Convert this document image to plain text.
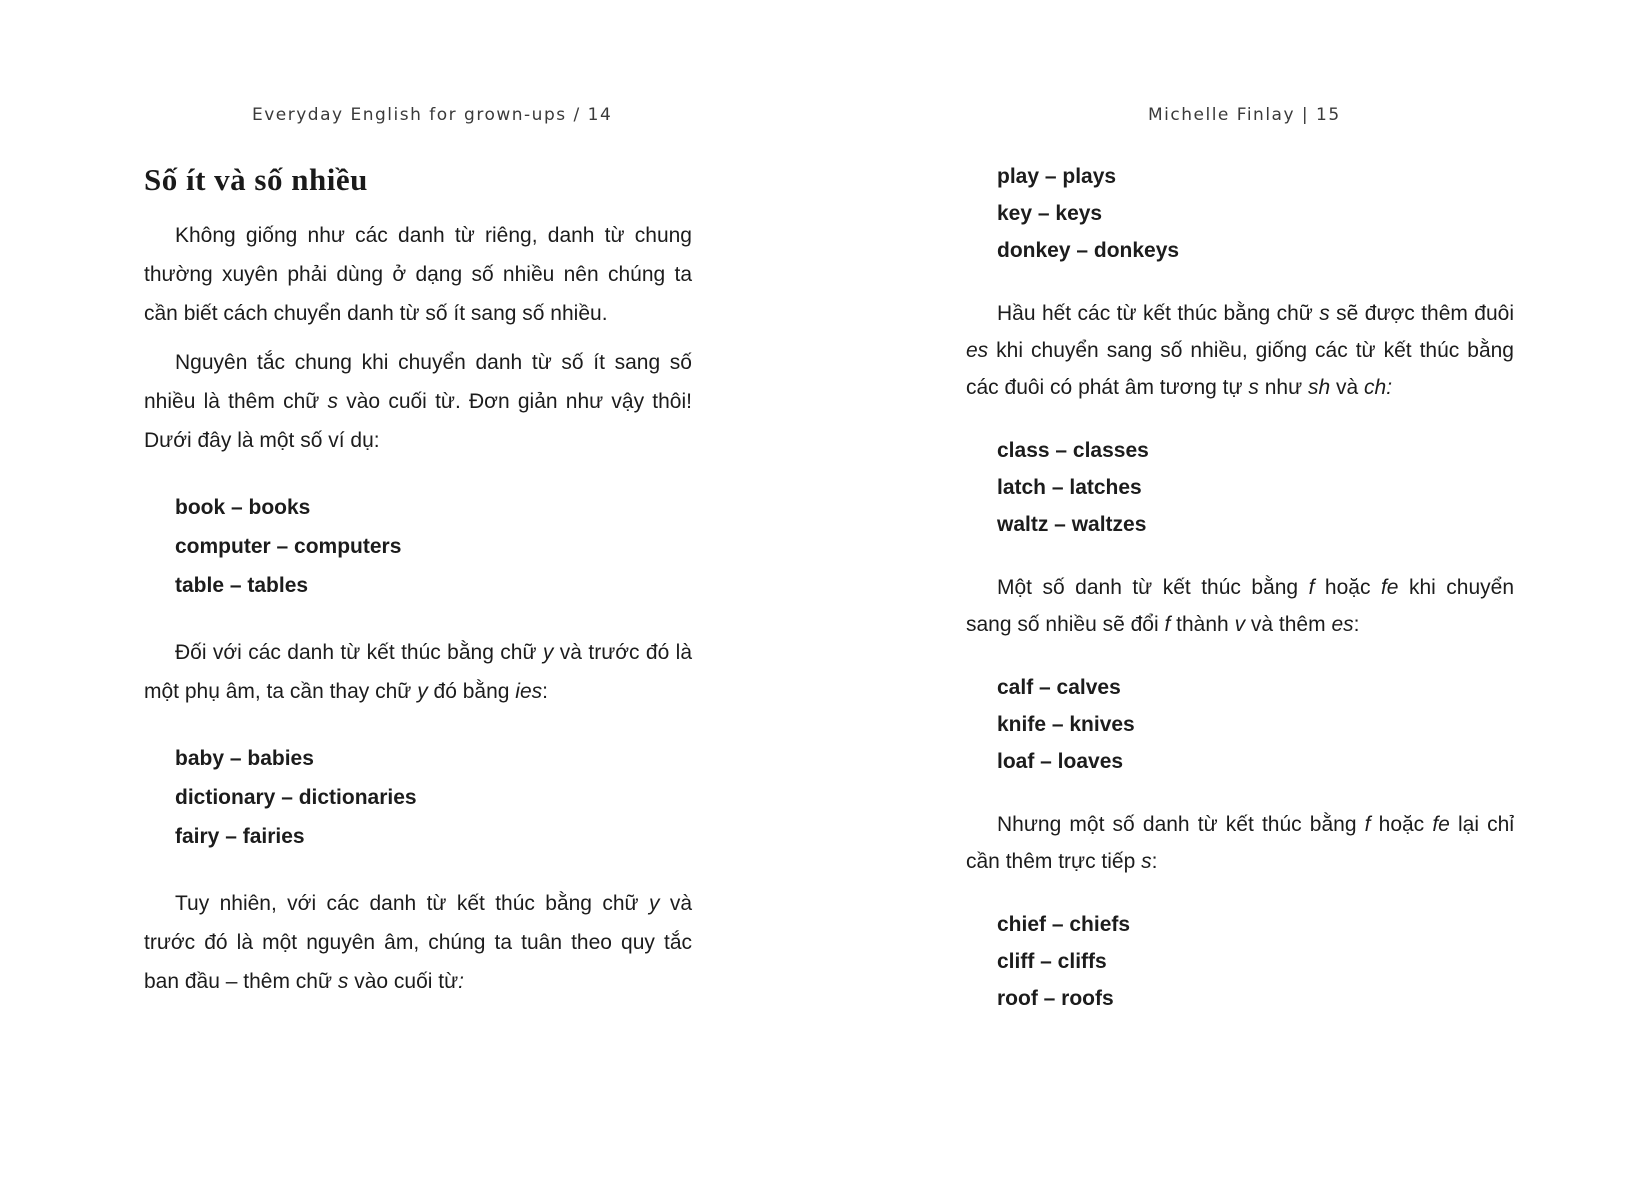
Everyday English for grown-ups / 14
Số ít và số nhiều

Không giống như các danh từ riêng, danh từ chung thường xuyên phải dùng ở dạng số nhiều nên chúng ta cần biết cách chuyển danh từ số ít sang số nhiều.

Nguyên tắc chung khi chuyển danh từ số ít sang số nhiều là thêm chữ s vào cuối từ. Đơn giản như vậy thôi! Dưới đây là một số ví dụ:

book – books
computer – computers
table – tables

Đối với các danh từ kết thúc bằng chữ y và trước đó là một phụ âm, ta cần thay chữ y đó bằng ies:

baby – babies
dictionary – dictionaries
fairy – fairies

Tuy nhiên, với các danh từ kết thúc bằng chữ y và trước đó là một nguyên âm, chúng ta tuân theo quy tắc ban đầu – thêm chữ s vào cuối từ:

Michelle Finlay | 15
play – plays
key – keys
donkey – donkeys

Hầu hết các từ kết thúc bằng chữ s sẽ được thêm đuôi es khi chuyển sang số nhiều, giống các từ kết thúc bằng các đuôi có phát âm tương tự s như sh và ch:

class – classes
latch – latches
waltz – waltzes

Một số danh từ kết thúc bằng f hoặc fe khi chuyển sang số nhiều sẽ đổi f thành v và thêm es:

calf – calves
knife – knives
loaf – loaves

Nhưng một số danh từ kết thúc bằng f hoặc fe lại chỉ cần thêm trực tiếp s:

chief – chiefs
cliff – cliffs
roof – roofs
